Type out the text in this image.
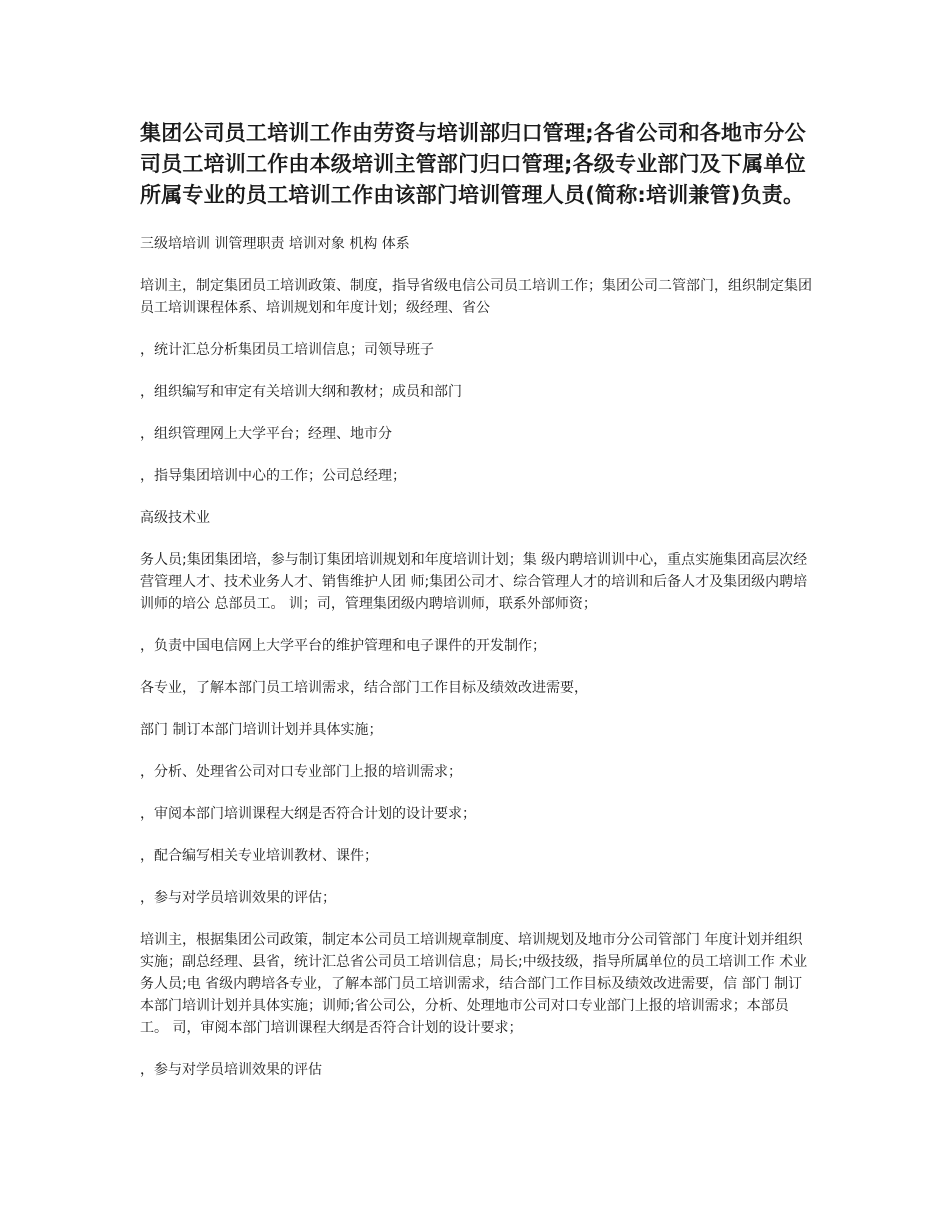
集团公司员工培训工作由劳资与培训部归口管理;各省公司和各地市分公司员工培训工作由本级培训主管部门归口管理;各级专业部门及下属单位所属专业的员工培训工作由该部门培训管理人员(简称:培训兼管)负责。
三级培培训 训管理职责 培训对象 机构 体系
培训主，制定集团员工培训政策、制度，指导省级电信公司员工培训工作；集团公司二管部门，组织制定集团员工培训课程体系、培训规划和年度计划；级经理、省公
，统计汇总分析集团员工培训信息；司领导班子
，组织编写和审定有关培训大纲和教材；成员和部门
，组织管理网上大学平台；经理、地市分
，指导集团培训中心的工作；公司总经理；
高级技术业
务人员;集团集团培，参与制订集团培训规划和年度培训计划；集 级内聘培训训中心，重点实施集团高层次经营管理人才、技术业务人才、销售维护人团 师;集团公司才、综合管理人才的培训和后备人才及集团级内聘培训师的培公 总部员工。 训；司，管理集团级内聘培训师，联系外部师资；
，负责中国电信网上大学平台的维护管理和电子课件的开发制作；
各专业，了解本部门员工培训需求，结合部门工作目标及绩效改进需要，
部门 制订本部门培训计划并具体实施；
，分析、处理省公司对口专业部门上报的培训需求；
，审阅本部门培训课程大纲是否符合计划的设计要求；
，配合编写相关专业培训教材、课件；
，参与对学员培训效果的评估；
培训主，根据集团公司政策，制定本公司员工培训规章制度、培训规划及地市分公司管部门 年度计划并组织实施；副总经理、县省，统计汇总省公司员工培训信息；局长;中级技级，指导所属单位的员工培训工作 术业务人员;电 省级内聘培各专业，了解本部门员工培训需求，结合部门工作目标及绩效改进需要，信 部门 制订本部门培训计划并具体实施；训师;省公司公，分析、处理地市公司对口专业部门上报的培训需求；本部员工。 司，审阅本部门培训课程大纲是否符合计划的设计要求；
，参与对学员培训效果的评估
